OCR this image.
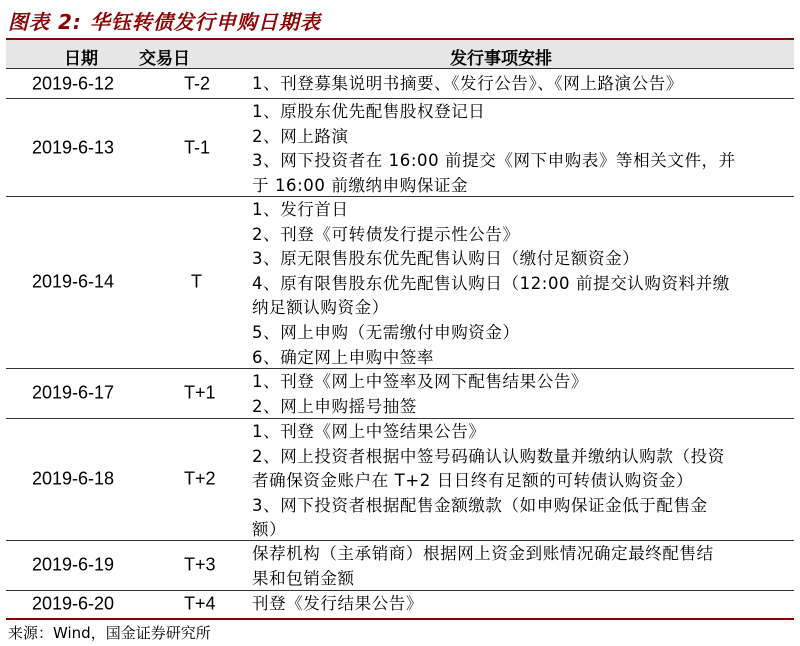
图表 2: 华钰转债发行申购日期表
日期 交易日	发行事项安排
2019-6-12	T-2	1、刊登募集说明书摘要、《发行公告》、《网上路演公告》
2019-6-13	T-1
1、原股东优先配售股权登记日
2、网上路演
3、网下投资者在 16:00 前提交《网下申购表》等相关文件，并
于 16:00 前缴纳申购保证金
2019-6-14	T
1、发行首日
2、刊登《可转债发行提示性公告》
3、原无限售股东优先配售认购日（缴付足额资金）
4、原有限售股东优先配售认购日（12:00 前提交认购资料并缴
纳足额认购资金）
5、网上申购（无需缴付申购资金）
6、确定网上申购中签率
2019-6-17	T+1
1、刊登《网上中签率及网下配售结果公告》
2、网上申购摇号抽签
2019-6-18	T+2
1、刊登《网上中签结果公告》
2、网上投资者根据中签号码确认认购数量并缴纳认购款（投资
者确保资金账户在 T+2 日日终有足额的可转债认购资金）
3、网下投资者根据配售金额缴款（如申购保证金低于配售金
额）
2019-6-19	T+3
保荐机构（主承销商）根据网上资金到账情况确定最终配售结
果和包销金额
2019-6-20	T+4 刊登《发行结果公告》
来源：Wind，国金证券研究所
